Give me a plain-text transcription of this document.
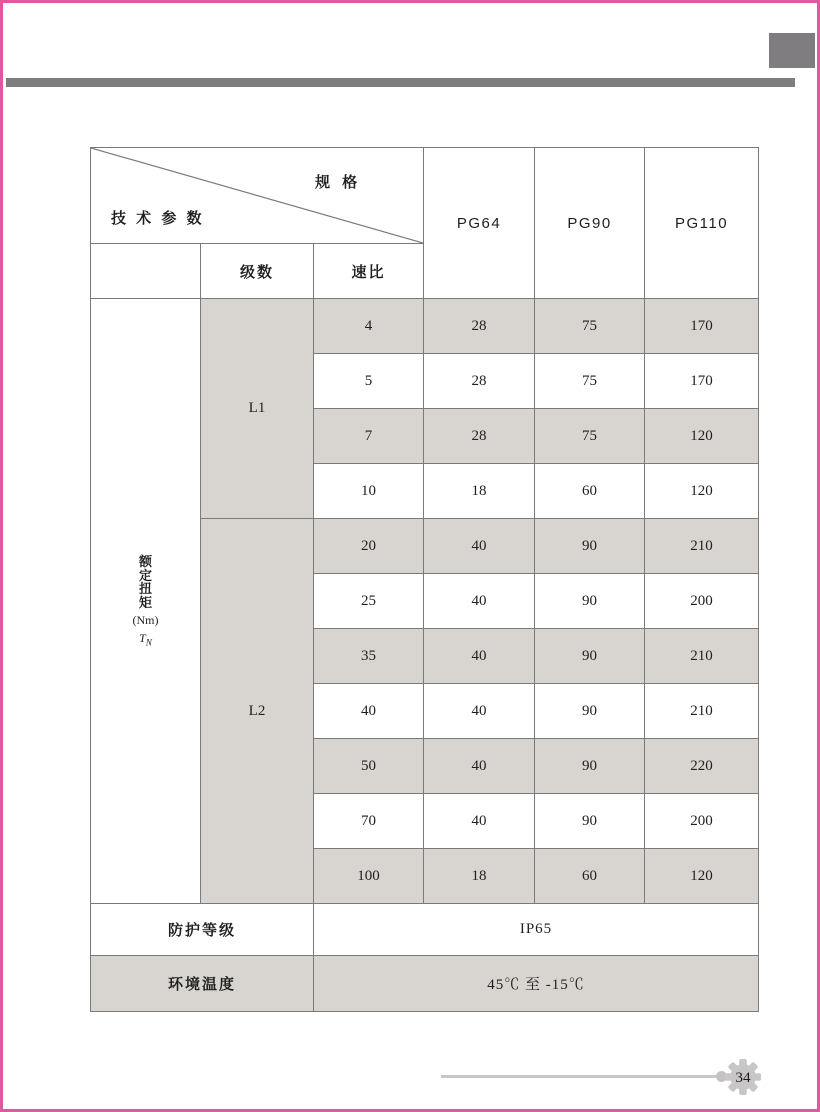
规 格
技 术 参 数			PG64	PG90	PG110
	级数	速比			

额定扭矩
(Nm)
$T_N$	L1	4	28	75	170
		5	28	75	170
		7	28	75	120
		10	18	60	120
	L2	20	40	90	210
		25	40	90	200
		35	40	90	210
		40	40	90	210
		50	40	90	220
		70	40	90	200
		100	18	60	120
防护等级		IP65			
环境温度		45℃ 至 -15℃			
34
